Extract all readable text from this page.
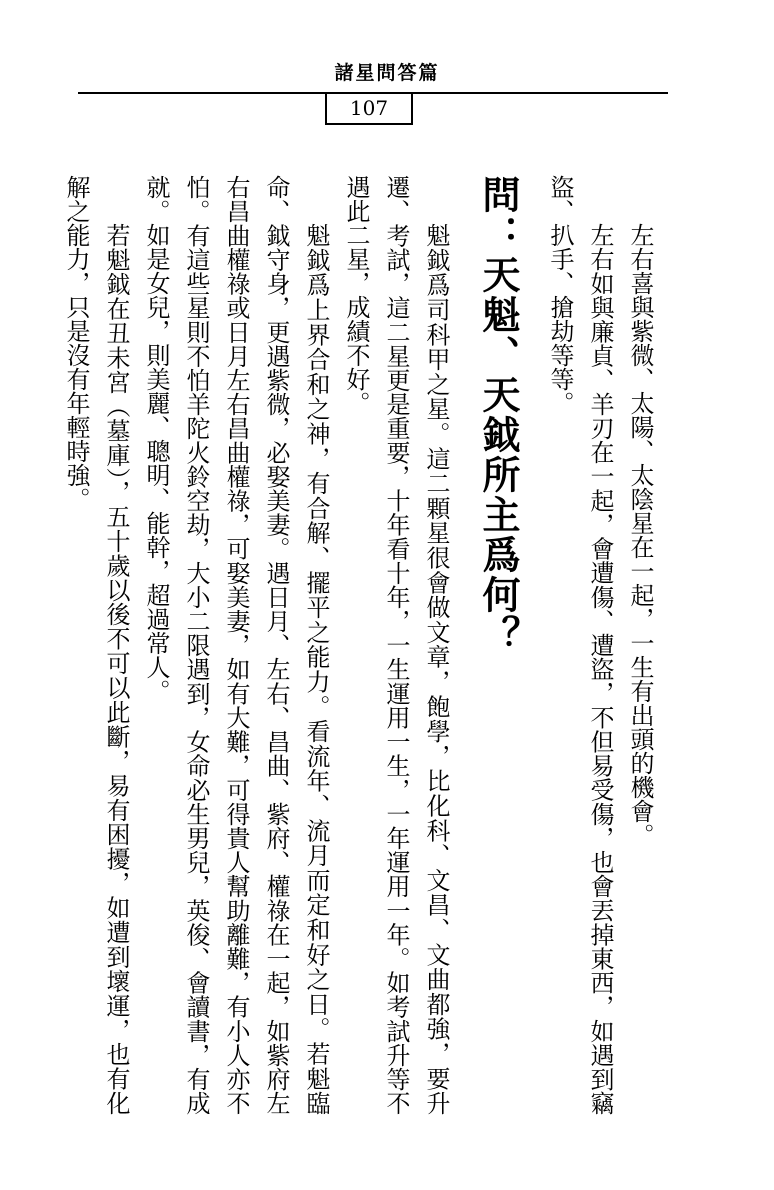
諸星問答篇
107

左右喜與紫微、太陽、太陰星在一起，一生有出頭的機會。

左右如與廉貞、羊刃在一起，會遭傷、遭盜，不但易受傷，也會丟掉東西，如遇到竊盜、扒手、搶劫等等。

問：天魁、天鉞所主爲何？

魁鉞爲司科甲之星。這二顆星很會做文章，飽學，比化科、文昌、文曲都強，要升遷、考試，這二星更是重要，十年看十年，一生運用一生，一年運用一年。如考試升等不遇此二星，成績不好。

魁鉞爲上界合和之神，有合解、擺平之能力。看流年、流月而定和好之日。若魁臨命、鉞守身，更遇紫微，必娶美妻。遇日月、左右、昌曲、紫府、權祿在一起，如紫府左右昌曲權祿或日月左右昌曲權祿，可娶美妻，如有大難，可得貴人幫助離難，有小人亦不怕。有這些星則不怕羊陀火鈴空劫，大小二限遇到，女命必生男兒，英俊、會讀書，有成就。如是女兒，則美麗、聰明、能幹，超過常人。

若魁鉞在丑未宮（墓庫），五十歲以後不可以此斷，易有困擾，如遭到壞運，也有化解之能力，只是沒有年輕時強。
